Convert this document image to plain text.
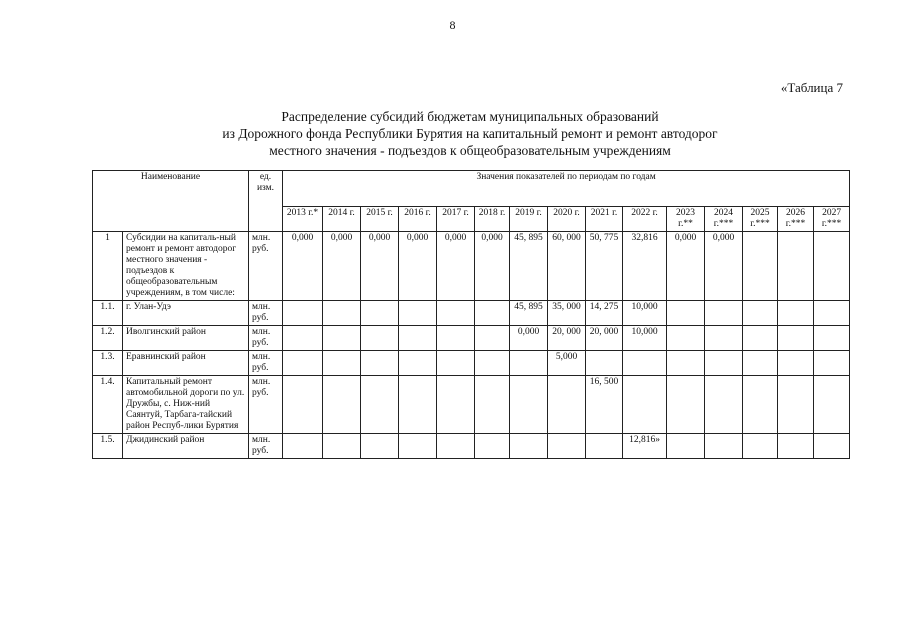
8
«Таблица 7
Распределение субсидий бюджетам муниципальных образований
из Дорожного фонда Республики Бурятия на капитальный ремонт и ремонт автодорог
местного значения - подъездов к общеобразовательным учреждениям
Наименование		ед. изм.	Значения показателей по периодам по годам														
			2013 г.*	2014 г.	2015 г.	2016 г.	2017 г.	2018 г.	2019 г.	2020 г.	2021 г.	2022 г.	2023 г.**	2024 г.***	2025 г.***	2026 г.***	2027 г.***
1	Субсидии на капиталь-ный ремонт и ремонт автодорог местного значения - подъездов к общеобразовательным учреждениям, в том числе:	млн. руб.	0,000	0,000	0,000	0,000	0,000	0,000	45, 895	60, 000	50, 775	32,816	0,000	0,000			
1.1.	г. Улан-Удэ	млн. руб.							45, 895	35, 000	14, 275	10,000					
1.2.	Иволгинский район	млн. руб.							0,000	20, 000	20, 000	10,000					
1.3.	Еравнинский район	млн. руб.								5,000							
1.4.	Капитальный ремонт автомобильной дороги по ул. Дружбы, с. Ниж-ний Саянтуй, Тарбага-тайский район Респуб-лики Бурятия	млн. руб.									16, 500						
1.5.	Джидинский район	млн. руб.										12,816»					
